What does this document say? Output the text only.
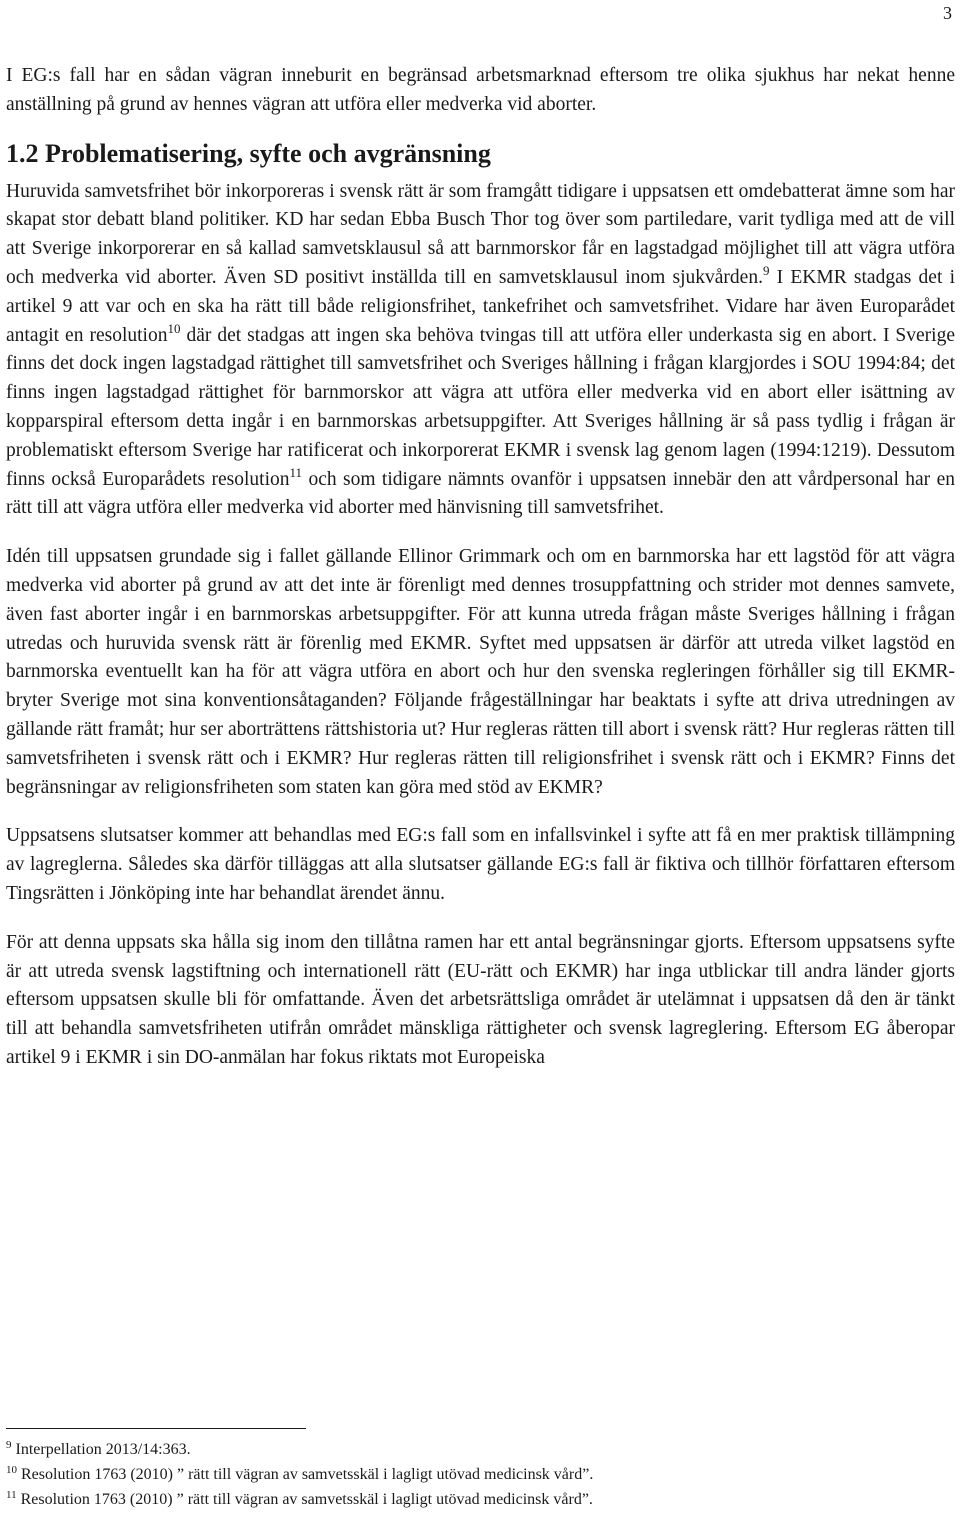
3

I EG:s fall har en sådan vägran inneburit en begränsad arbetsmarknad eftersom tre olika sjukhus har nekat henne anställning på grund av hennes vägran att utföra eller medverka vid aborter.

1.2 Problematisering, syfte och avgränsning

Huruvida samvetsfrihet bör inkorporeras i svensk rätt är som framgått tidigare i uppsatsen ett omdebatterat ämne som har skapat stor debatt bland politiker. KD har sedan Ebba Busch Thor tog över som partiledare, varit tydliga med att de vill att Sverige inkorporerar en så kallad samvetsklausul så att barnmorskor får en lagstadgad möjlighet till att vägra utföra och medverka vid aborter. Även SD positivt inställda till en samvetsklausul inom sjukvården.$^9$ I EKMR stadgas det i artikel 9 att var och en ska ha rätt till både religionsfrihet, tankefrihet och samvetsfrihet. Vidare har även Europarådet antagit en resolution$^{10}$ där det stadgas att ingen ska behöva tvingas till att utföra eller underkasta sig en abort. I Sverige finns det dock ingen lagstadgad rättighet till samvetsfrihet och Sveriges hållning i frågan klargjordes i SOU 1994:84; det finns ingen lagstadgad rättighet för barnmorskor att vägra att utföra eller medverka vid en abort eller isättning av kopparspiral eftersom detta ingår i en barnmorskas arbetsuppgifter. Att Sveriges hållning är så pass tydlig i frågan är problematiskt eftersom Sverige har ratificerat och inkorporerat EKMR i svensk lag genom lagen (1994:1219). Dessutom finns också Europarådets resolution$^{11}$ och som tidigare nämnts ovanför i uppsatsen innebär den att vårdpersonal har en rätt till att vägra utföra eller medverka vid aborter med hänvisning till samvetsfrihet.

Idén till uppsatsen grundade sig i fallet gällande Ellinor Grimmark och om en barnmorska har ett lagstöd för att vägra medverka vid aborter på grund av att det inte är förenligt med dennes trosuppfattning och strider mot dennes samvete, även fast aborter ingår i en barnmorskas arbetsuppgifter. För att kunna utreda frågan måste Sveriges hållning i frågan utredas och huruvida svensk rätt är förenlig med EKMR. Syftet med uppsatsen är därför att utreda vilket lagstöd en barnmorska eventuellt kan ha för att vägra utföra en abort och hur den svenska regleringen förhåller sig till EKMR- bryter Sverige mot sina konventionsåtaganden? Följande frågeställningar har beaktats i syfte att driva utredningen av gällande rätt framåt; hur ser aborträttens rättshistoria ut? Hur regleras rätten till abort i svensk rätt? Hur regleras rätten till samvetsfriheten i svensk rätt och i EKMR? Hur regleras rätten till religionsfrihet i svensk rätt och i EKMR? Finns det begränsningar av religionsfriheten som staten kan göra med stöd av EKMR?

Uppsatsens slutsatser kommer att behandlas med EG:s fall som en infallsvinkel i syfte att få en mer praktisk tillämpning av lagreglerna. Således ska därför tilläggas att alla slutsatser gällande EG:s fall är fiktiva och tillhör författaren eftersom Tingsrätten i Jönköping inte har behandlat ärendet ännu.

För att denna uppsats ska hålla sig inom den tillåtna ramen har ett antal begränsningar gjorts. Eftersom uppsatsens syfte är att utreda svensk lagstiftning och internationell rätt (EU-rätt och EKMR) har inga utblickar till andra länder gjorts eftersom uppsatsen skulle bli för omfattande. Även det arbetsrättsliga området är utelämnat i uppsatsen då den är tänkt till att behandla samvetsfriheten utifrån området mänskliga rättigheter och svensk lagreglering. Eftersom EG åberopar artikel 9 i EKMR i sin DO-anmälan har fokus riktats mot Europeiska

$^9$ Interpellation 2013/14:363.

$^{10}$ Resolution 1763 (2010) ” rätt till vägran av samvetsskäl i lagligt utövad medicinsk vård”.

$^{11}$ Resolution 1763 (2010) ” rätt till vägran av samvetsskäl i lagligt utövad medicinsk vård”.
